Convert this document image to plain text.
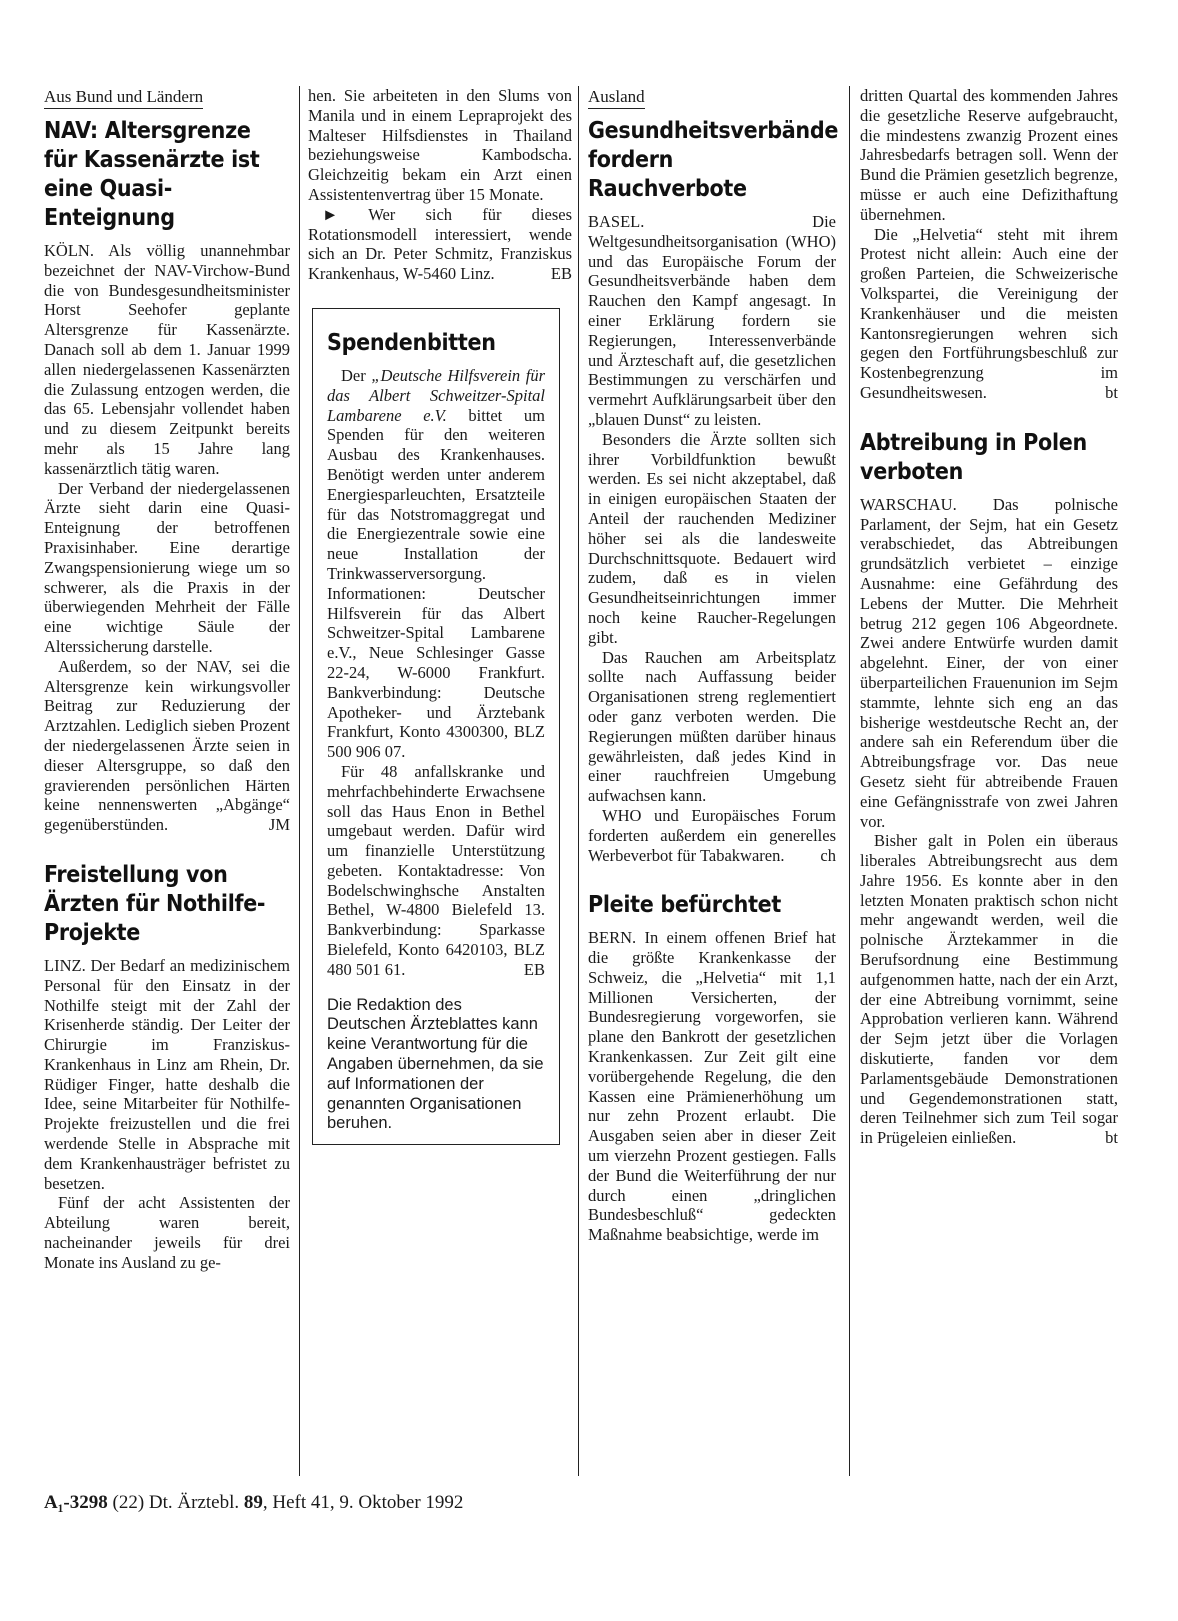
Aus Bund und Ländern
NAV: Altersgrenze für Kassenärzte ist eine Quasi-Enteignung

KÖLN. Als völlig unannehmbar bezeichnet der NAV-Virchow-Bund die von Bundesgesundheitsminister Horst Seehofer geplante Altersgrenze für Kassenärzte. Danach soll ab dem 1. Januar 1999 allen niedergelassenen Kassenärzten die Zulassung entzogen werden, die das 65. Lebensjahr vollendet haben und zu diesem Zeitpunkt bereits mehr als 15 Jahre lang kassenärztlich tätig waren.

Der Verband der niedergelassenen Ärzte sieht darin eine Quasi-Enteignung der betroffenen Praxisinhaber. Eine derartige Zwangspensionierung wiege um so schwerer, als die Praxis in der überwiegenden Mehrheit der Fälle eine wichtige Säule der Alterssicherung darstelle.

Außerdem, so der NAV, sei die Altersgrenze kein wirkungsvoller Beitrag zur Reduzierung der Arztzahlen. Lediglich sieben Prozent der niedergelassenen Ärzte seien in dieser Altersgruppe, so daß den gravierenden persönlichen Härten keine nennenswerten „Abgänge“ gegenüberstünden.	JM

Freistellung von Ärzten für Nothilfe-Projekte

LINZ. Der Bedarf an medizinischem Personal für den Einsatz in der Nothilfe steigt mit der Zahl der Krisenherde ständig. Der Leiter der Chirurgie im Franziskus-Krankenhaus in Linz am Rhein, Dr. Rüdiger Finger, hatte deshalb die Idee, seine Mitarbeiter für Nothilfe-Projekte freizustellen und die frei werdende Stelle in Absprache mit dem Krankenhausträger befristet zu besetzen.

Fünf der acht Assistenten der Abteilung waren bereit, nacheinander jeweils für drei Monate ins Ausland zu ge-

hen. Sie arbeiteten in den Slums von Manila und in einem Lepraprojekt des Malteser Hilfsdienstes in Thailand beziehungsweise Kambodscha. Gleichzeitig bekam ein Arzt einen Assistentenvertrag über 15 Monate.

► Wer sich für dieses Rotationsmodell interessiert, wende sich an Dr. Peter Schmitz, Franziskus Krankenhaus, W-5460 Linz.	EB

Spendenbitten

Der „Deutsche Hilfsverein für das Albert Schweitzer-Spital Lambarene e.V. bittet um Spenden für den weiteren Ausbau des Krankenhauses. Benötigt werden unter anderem Energiesparleuchten, Ersatzteile für das Notstromaggregat und die Energiezentrale sowie eine neue Installation der Trinkwasserversorgung. Informationen: Deutscher Hilfsverein für das Albert Schweitzer-Spital Lambarene e.V., Neue Schlesinger Gasse 22-24, W-6000 Frankfurt. Bankverbindung: Deutsche Apotheker- und Ärztebank Frankfurt, Konto 4300300, BLZ 500 906 07.

Für 48 anfallskranke und mehrfachbehinderte Erwachsene soll das Haus Enon in Bethel umgebaut werden. Dafür wird um finanzielle Unterstützung gebeten. Kontaktadresse: Von Bodelschwinghsche Anstalten Bethel, W-4800 Bielefeld 13. Bankverbindung: Sparkasse Bielefeld, Konto 6420103, BLZ 480 501 61.	EB

Die Redaktion des Deutschen Ärzteblattes kann keine Verantwortung für die Angaben übernehmen, da sie auf Informationen der genannten Organisationen beruhen.

Ausland
Gesundheitsverbände fordern Rauchverbote

BASEL. Die Weltgesundheitsorganisation (WHO) und das Europäische Forum der Gesundheitsverbände haben dem Rauchen den Kampf angesagt. In einer Erklärung fordern sie Regierungen, Interessenverbände und Ärzteschaft auf, die gesetzlichen Bestimmungen zu verschärfen und vermehrt Aufklärungsarbeit über den „blauen Dunst“ zu leisten.

Besonders die Ärzte sollten sich ihrer Vorbildfunktion bewußt werden. Es sei nicht akzeptabel, daß in einigen europäischen Staaten der Anteil der rauchenden Mediziner höher sei als die landesweite Durchschnittsquote. Bedauert wird zudem, daß es in vielen Gesundheitseinrichtungen immer noch keine Raucher-Regelungen gibt.

Das Rauchen am Arbeitsplatz sollte nach Auffassung beider Organisationen streng reglementiert oder ganz verboten werden. Die Regierungen müßten darüber hinaus gewährleisten, daß jedes Kind in einer rauchfreien Umgebung aufwachsen kann.

WHO und Europäisches Forum forderten außerdem ein generelles Werbeverbot für Tabakwaren. ch

Pleite befürchtet

BERN. In einem offenen Brief hat die größte Krankenkasse der Schweiz, die „Helvetia“ mit 1,1 Millionen Versicherten, der Bundesregierung vorgeworfen, sie plane den Bankrott der gesetzlichen Krankenkassen. Zur Zeit gilt eine vorübergehende Regelung, die den Kassen eine Prämienerhöhung um nur zehn Prozent erlaubt. Die Ausgaben seien aber in dieser Zeit um vierzehn Prozent gestiegen. Falls der Bund die Weiterführung der nur durch einen „dringlichen Bundesbeschluß“ gedeckten Maßnahme beabsichtige, werde im

dritten Quartal des kommenden Jahres die gesetzliche Reserve aufgebraucht, die mindestens zwanzig Prozent eines Jahresbedarfs betragen soll. Wenn der Bund die Prämien gesetzlich begrenze, müsse er auch eine Defizithaftung übernehmen.

Die „Helvetia“ steht mit ihrem Protest nicht allein: Auch eine der großen Parteien, die Schweizerische Volkspartei, die Vereinigung der Krankenhäuser und die meisten Kantonsregierungen wehren sich gegen den Fortführungsbeschluß zur Kostenbegrenzung im Gesundheitswesen.	bt

Abtreibung in Polen verboten

WARSCHAU. Das polnische Parlament, der Sejm, hat ein Gesetz verabschiedet, das Abtreibungen grundsätzlich verbietet – einzige Ausnahme: eine Gefährdung des Lebens der Mutter. Die Mehrheit betrug 212 gegen 106 Abgeordnete. Zwei andere Entwürfe wurden damit abgelehnt. Einer, der von einer überparteilichen Frauenunion im Sejm stammte, lehnte sich eng an das bisherige westdeutsche Recht an, der andere sah ein Referendum über die Abtreibungsfrage vor. Das neue Gesetz sieht für abtreibende Frauen eine Gefängnisstrafe von zwei Jahren vor.

Bisher galt in Polen ein überaus liberales Abtreibungsrecht aus dem Jahre 1956. Es konnte aber in den letzten Monaten praktisch schon nicht mehr angewandt werden, weil die polnische Ärztekammer in die Berufsordnung eine Bestimmung aufgenommen hatte, nach der ein Arzt, der eine Abtreibung vornimmt, seine Approbation verlieren kann. Während der Sejm jetzt über die Vorlagen diskutierte, fanden vor dem Parlamentsgebäude Demonstrationen und Gegendemonstrationen statt, deren Teilnehmer sich zum Teil sogar in Prügeleien einließen.	bt

A₁-3298 (22) Dt. Ärztebl. 89, Heft 41, 9. Oktober 1992
